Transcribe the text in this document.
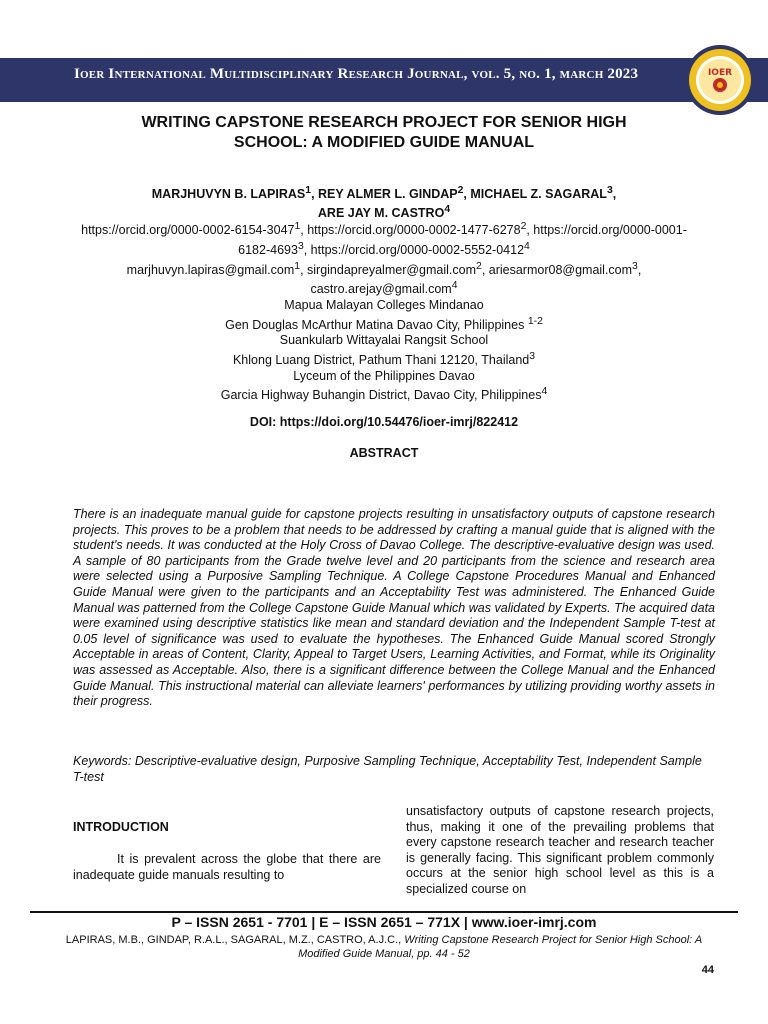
Ioer International Multidisciplinary Research Journal, vol. 5, no. 1, march 2023	IOER
WRITING CAPSTONE RESEARCH PROJECT FOR SENIOR HIGH
SCHOOL: A MODIFIED GUIDE MANUAL
MARJHUVYN B. LAPIRAS$^1$, REY ALMER L. GINDAP$^2$, MICHAEL Z. SAGARAL$^3$,
ARE JAY M. CASTRO$^4$
https://orcid.org/0000-0002-6154-3047$^1$, https://orcid.org/0000-0002-1477-6278$^2$, https://orcid.org/0000-0001-6182-4693$^3$, https://orcid.org/0000-0002-5552-0412$^4$
marjhuvyn.lapiras@gmail.com$^1$, sirgindapreyalmer@gmail.com$^2$, ariesarmor08@gmail.com$^3$,
castro.arejay@gmail.com$^4$
Mapua Malayan Colleges Mindanao
Gen Douglas McArthur Matina Davao City, Philippines $^{1-2}$
Suankularb Wittayalai Rangsit School
Khlong Luang District, Pathum Thani 12120, Thailand$^3$
Lyceum of the Philippines Davao
Garcia Highway Buhangin District, Davao City, Philippines$^4$
DOI: https://doi.org/10.54476/ioer-imrj/822412
ABSTRACT
There is an inadequate manual guide for capstone projects resulting in unsatisfactory outputs of capstone research projects. This proves to be a problem that needs to be addressed by crafting a manual guide that is aligned with the student's needs. It was conducted at the Holy Cross of Davao College. The descriptive-evaluative design was used. A sample of 80 participants from the Grade twelve level and 20 participants from the science and research area were selected using a Purposive Sampling Technique. A College Capstone Procedures Manual and Enhanced Guide Manual were given to the participants and an Acceptability Test was administered. The Enhanced Guide Manual was patterned from the College Capstone Guide Manual which was validated by Experts. The acquired data were examined using descriptive statistics like mean and standard deviation and the Independent Sample T-test at 0.05 level of significance was used to evaluate the hypotheses. The Enhanced Guide Manual scored Strongly Acceptable in areas of Content, Clarity, Appeal to Target Users, Learning Activities, and Format, while its Originality was assessed as Acceptable. Also, there is a significant difference between the College Manual and the Enhanced Guide Manual. This instructional material can alleviate learners' performances by utilizing providing worthy assets in their progress.
Keywords: Descriptive-evaluative design, Purposive Sampling Technique, Acceptability Test, Independent Sample T-test
INTRODUCTION
It is prevalent across the globe that there are inadequate guide manuals resulting to
unsatisfactory outputs of capstone research projects, thus, making it one of the prevailing problems that every capstone research teacher and research teacher is generally facing. This significant problem commonly occurs at the senior high school level as this is a specialized course on
P – ISSN 2651 - 7701 | E – ISSN 2651 – 771X | www.ioer-imrj.com
LAPIRAS, M.B., GINDAP, R.A.L., SAGARAL, M.Z., CASTRO, A.J.C., Writing Capstone Research Project for Senior High School: A Modified Guide Manual, pp. 44 - 52
44
